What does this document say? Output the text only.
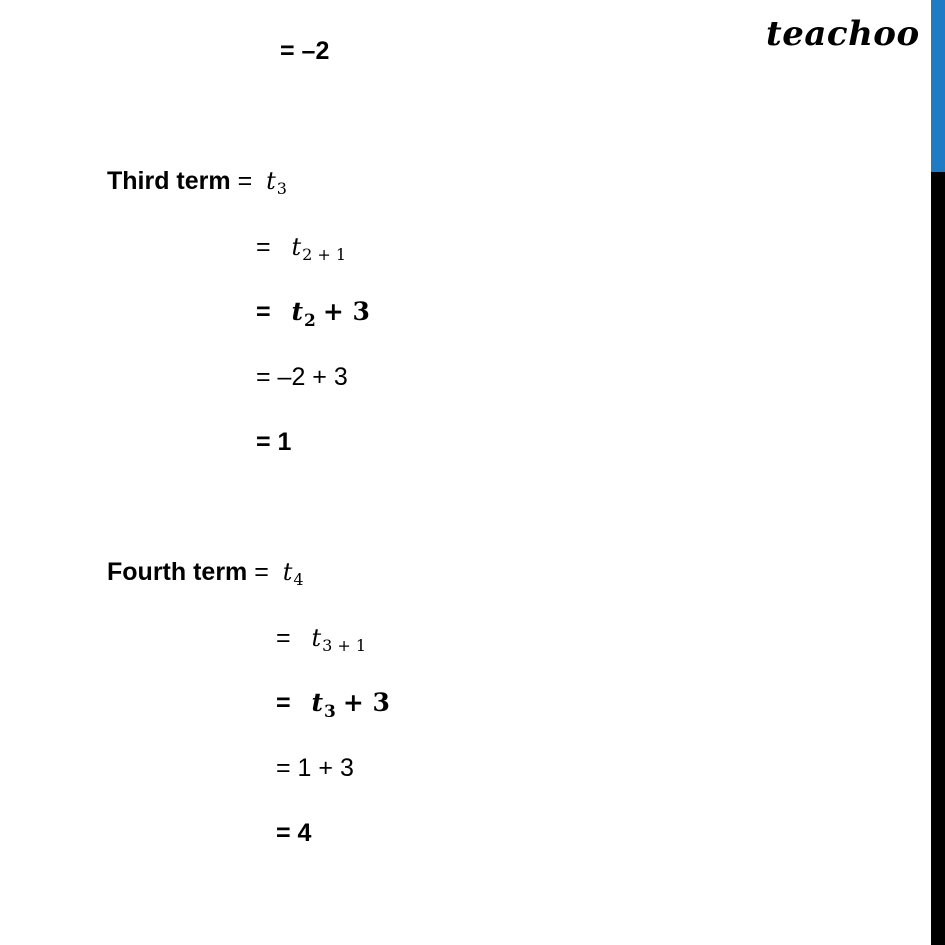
teachoo
= –2
Third term = $t_3$
= $t_{2 + 1}$
= $t_2 + 3$
= –2 + 3
= 1
Fourth term = $t_4$
= $t_{3 + 1}$
= $t_3 + 3$
= 1 + 3
= 4
